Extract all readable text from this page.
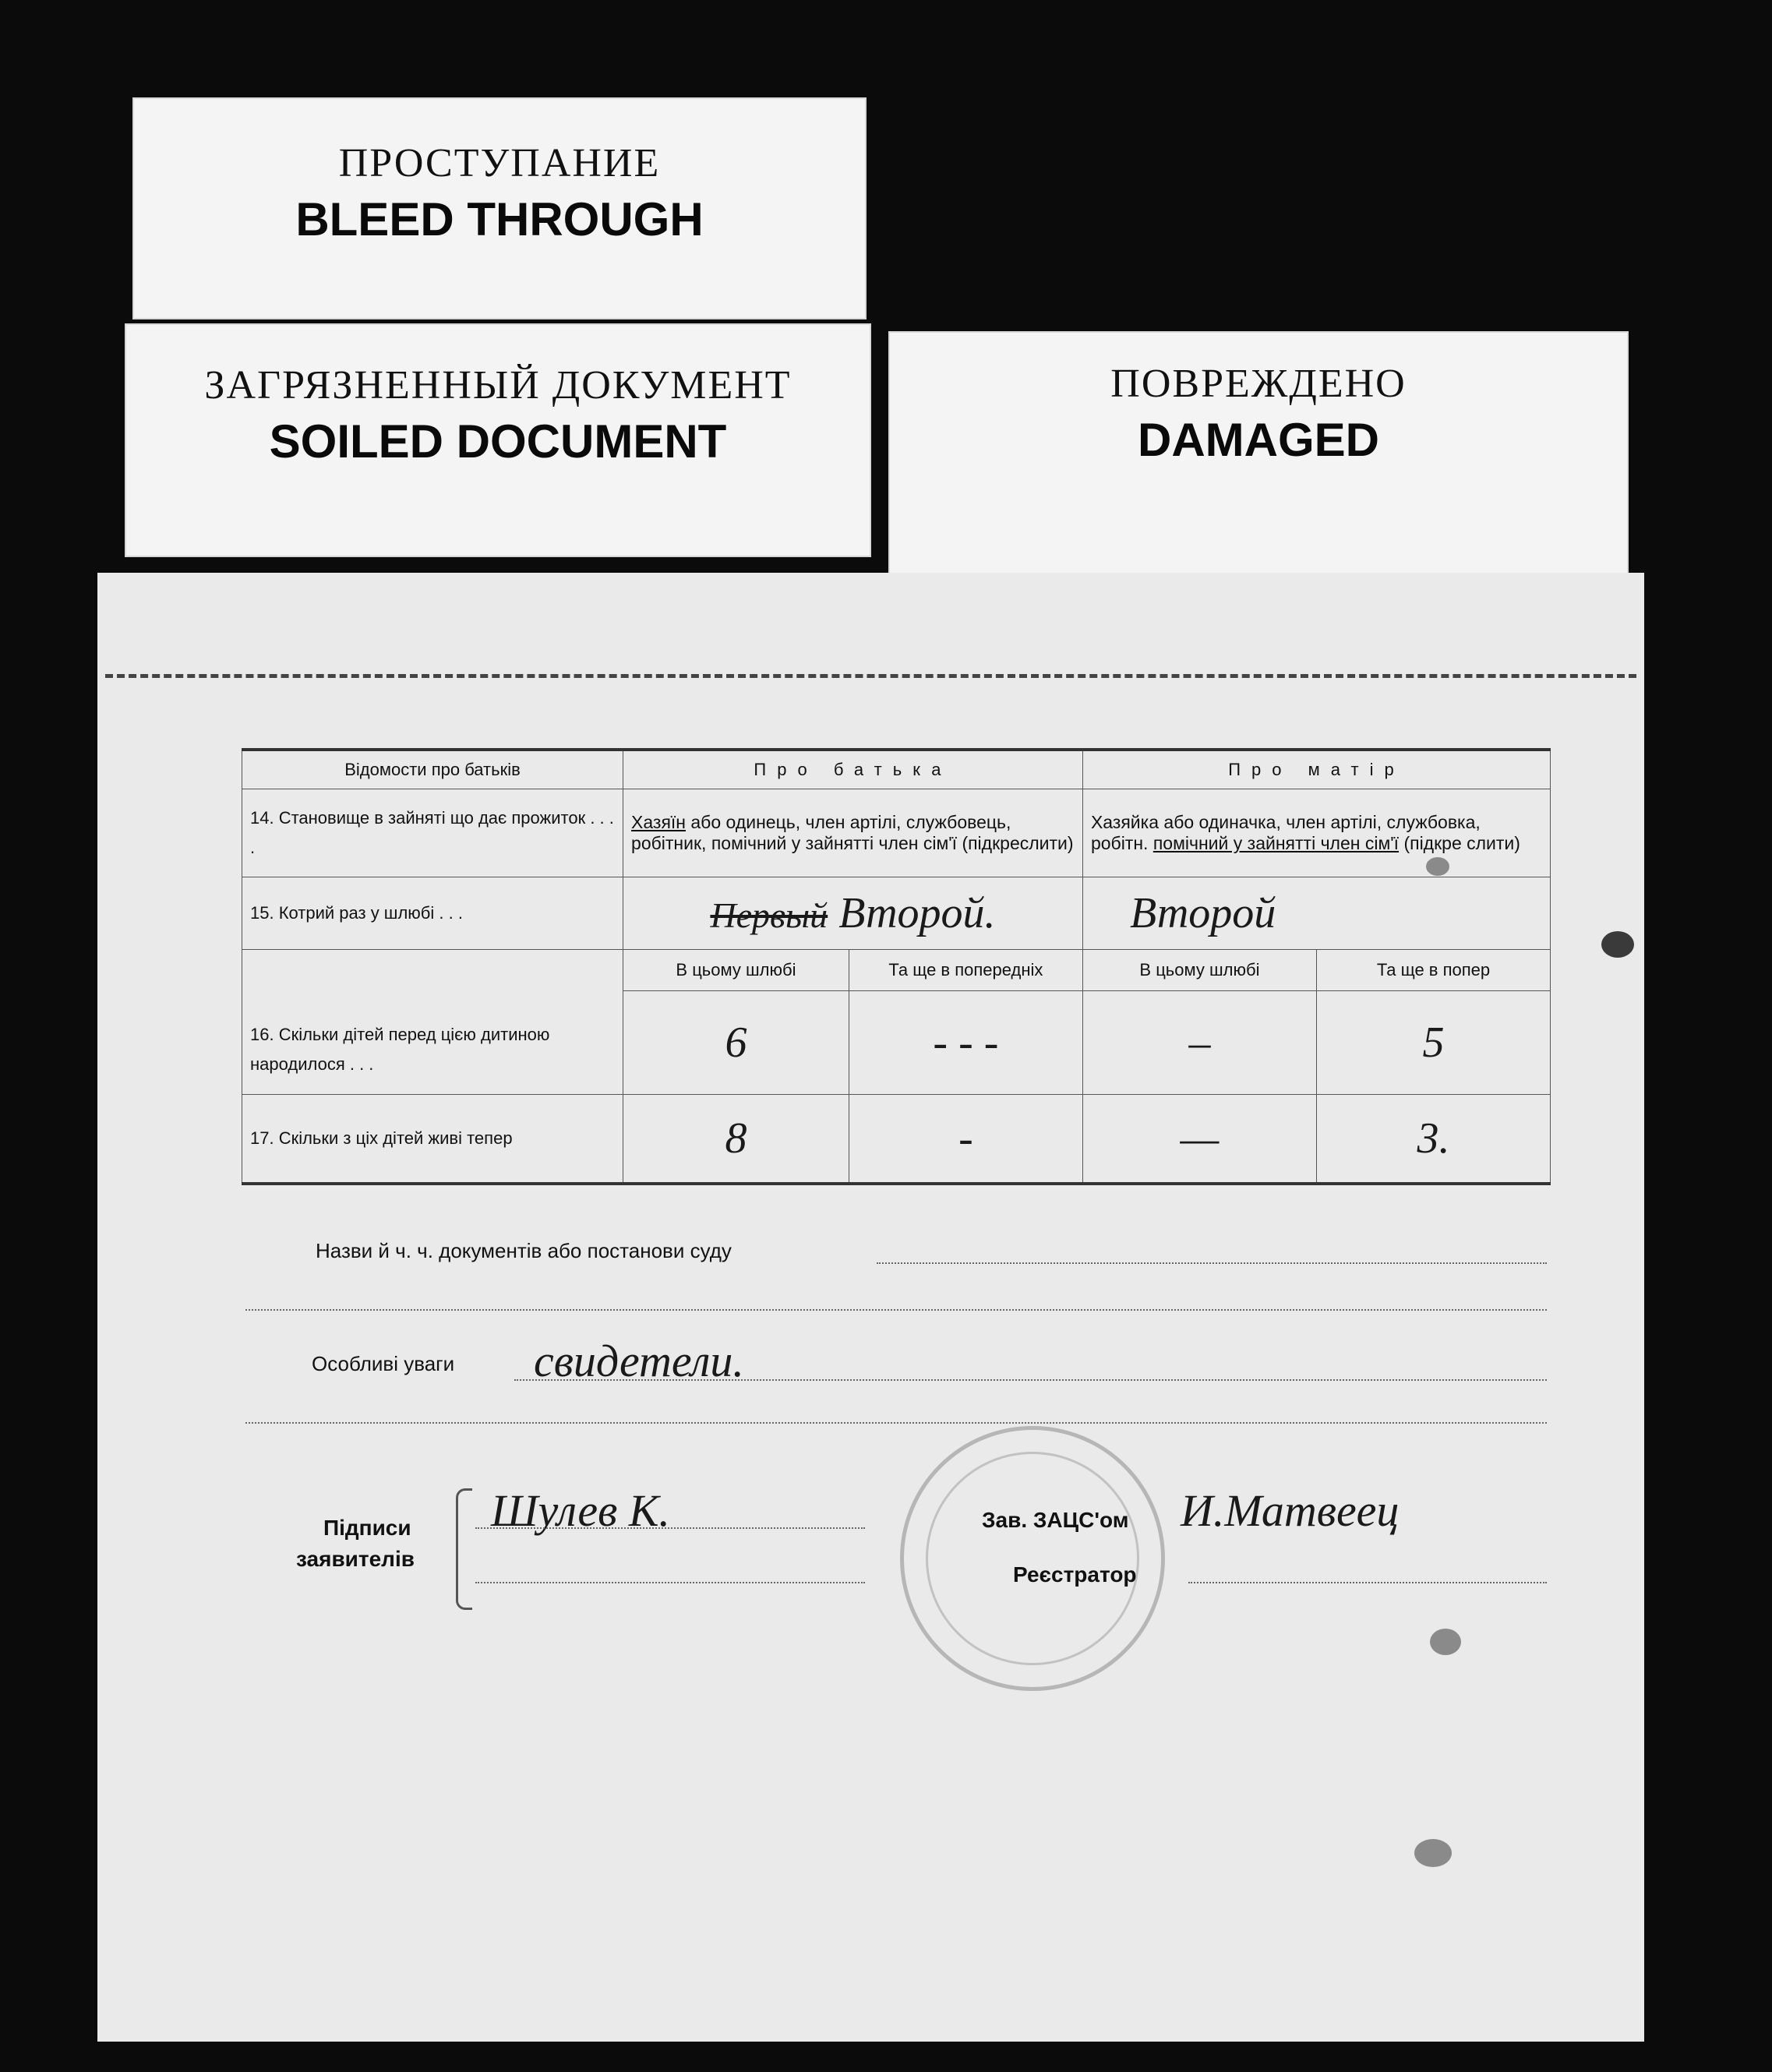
ПРОСТУПАНИЕ
BLEED THROUGH
ЗАГРЯЗНЕННЫЙ ДОКУМЕНТ
SOILED DOCUMENT
ПОВРЕЖДЕНО
DAMAGED
Відомости про батьків	Про батька		Про матір	
14. Становище в зайняті що дає прожиток . . . .	Хазяїн або одинець, член артілі, службовець, робітник, помічний у зайнятті член сім'ї (підкреслити)		Хазяйка або одиначка, член артілі, службовка, робітн. помічний у зайнятті член сім'ї (підкре слити)	
15. Котрий раз у шлюбі . . .	Первый Второй.		Второй	
16. Скільки дітей перед цією дитиною народилося . . .	В цьому шлюбі	Та ще в попередніх	В цьому шлюбі	Та ще в попер
	6	- - -	–	5
17. Скільки з ціх дітей живі тепер	8	-	—	3.
Назви й ч. ч. документів або постанови суду
Особливі уваги свидетели.
Підписи
заявителів
Шулев К.	Зав. ЗАЦС'ом И.Матвеец
Реєстратор
